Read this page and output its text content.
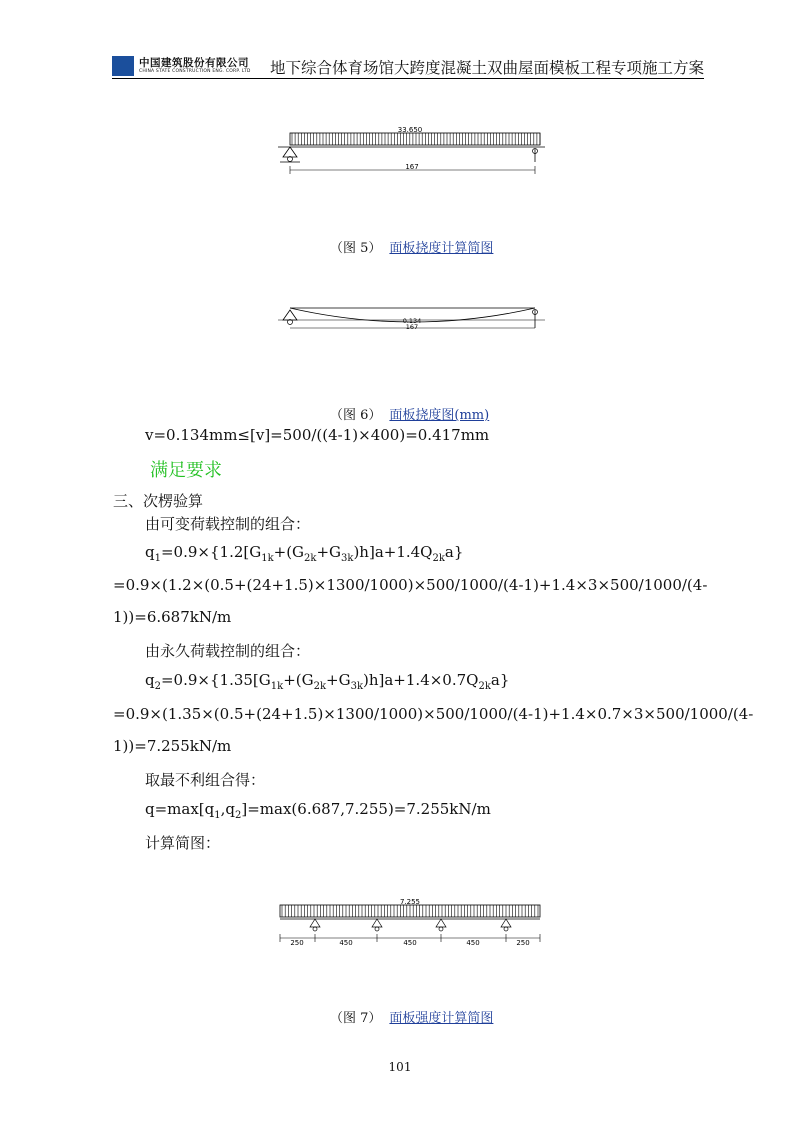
中国建筑股份有限公司
CHINA STATE CONSTRUCTION ENG. CORP. LTD 地下综合体育场馆大跨度混凝土双曲屋面模板工程专项施工方案
33.650
167
（图 5） 面板挠度计算简图
0.134
167
（图 6） 面板挠度图(mm)
v=0.134mm≤[v]=500/((4-1)×400)=0.417mm
满足要求
三、次楞验算
由可变荷载控制的组合：
$q_1=0.9\times\{1.2[G_{1k}+(G_{2k}+G_{3k})h]a+1.4Q_{2k}a\}$
=0.9×(1.2×(0.5+(24+1.5)×1300/1000)×500/1000/(4-1)+1.4×3×500/1000/(4-
1))=6.687kN/m
由永久荷载控制的组合：
$q_2=0.9\times\{1.35[G_{1k}+(G_{2k}+G_{3k})h]a+1.4\times 0.7Q_{2k}a\}$
=0.9×(1.35×(0.5+(24+1.5)×1300/1000)×500/1000/(4-1)+1.4×0.7×3×500/1000/(4-
1))=7.255kN/m
取最不利组合得：
$q=\max[q_1,q_2]=\max(6.687,7.255)=7.255kN/m$
计算简图：
7.255
250	450	450	450	250
（图 7） 面板强度计算简图
101
